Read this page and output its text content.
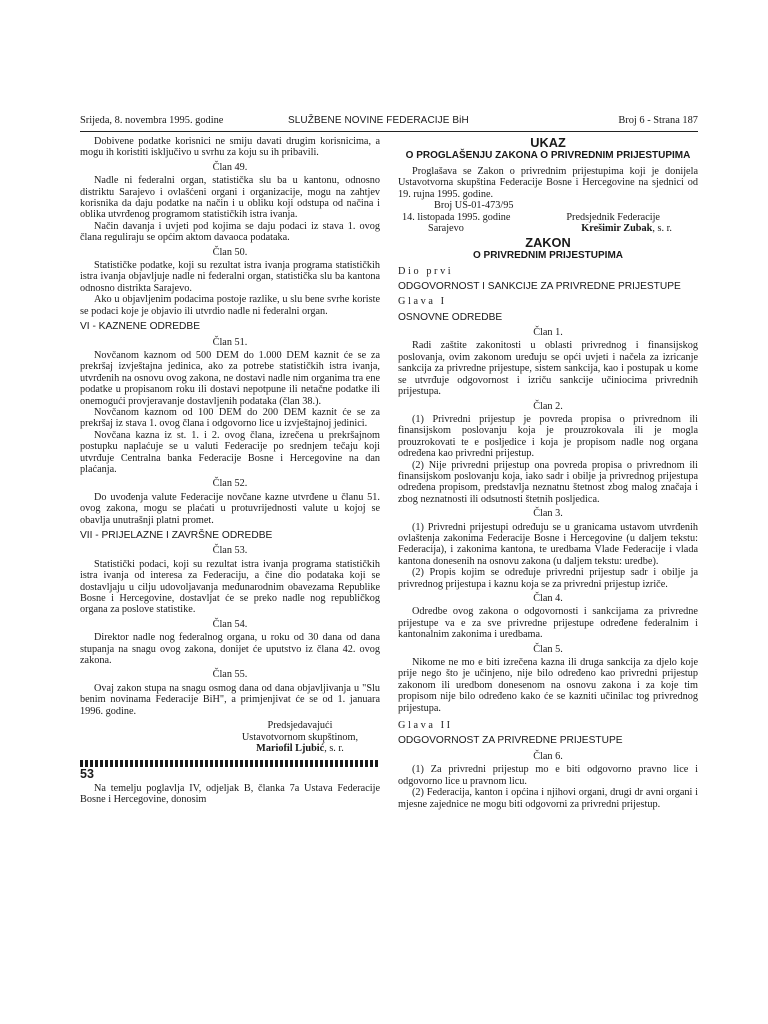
Srijeda, 8. novembra 1995. godine	SLUŽBENE NOVINE FEDERACIJE BiH	Broj 6 - Strana 187

Dobivene podatke korisnici ne smiju davati drugim korisnicima, a mogu ih koristiti isključivo u svrhu za koju su ih pribavili.

Član 49.

Nadle ni federalni organ, statistička slu ba u kantonu, odnosno distriktu Sarajevo i ovlašćeni organi i organizacije, mogu na zahtjev korisnika da daju podatke na način i u obliku koji odstupa od načina i oblika utvrđenog programom statističkih istra ivanja.

Način davanja i uvjeti pod kojima se daju podaci iz stava 1. ovog člana reguliraju se općim aktom davaoca podataka.

Član 50.

Statističke podatke, koji su rezultat istra ivanja programa statističkih istra ivanja objavljuje nadle ni federalni organ, statistička slu ba kantona odnosno distrikta Sarajevo.

Ako u objavljenim podacima postoje razlike, u slu bene svrhe koriste se podaci koje je objavio ili utvrdio nadle ni federalni organ.

VI - KAZNENE ODREDBE

Član 51.

Novčanom kaznom od 500 DEM do 1.000 DEM kaznit će se za prekršaj izvještajna jedinica, ako za potrebe statističkih istra ivanja, utvrđenih na osnovu ovog zakona, ne dostavi nadle nim organima tra ene podatke u propisanom roku ili dostavi nepotpune ili netačne podatke ili onemogući provjeravanje dostavljenih podataka (član 38.).

Novčanom kaznom od 100 DEM do 200 DEM kaznit će se za prekršaj iz stava 1. ovog člana i odgovorno lice u izvještajnoj jedinici.

Novčana kazna iz st. 1. i 2. ovog člana, izrečena u prekršajnom postupku naplaćuje se u valuti Federacije po srednjem tečaju koji utvrđuje Centralna banka Federacije Bosne i Hercegovine na dan plaćanja.

Član 52.

Do uvođenja valute Federacije novčane kazne utvrđene u članu 51. ovog zakona, mogu se plaćati u protuvrijednosti valute u kojoj se obavlja unutrašnji platni promet.

VII - PRIJELAZNE I ZAVRŠNE ODREDBE

Član 53.

Statistički podaci, koji su rezultat istra ivanja programa statističkih istra ivanja od interesa za Federaciju, a čine dio podataka koji se dostavljaju u cilju udovoljavanja međunarodnim obavezama Republike Bosne i Hercegovine, dostavljat će se preko nadle nog republičkog organa za poslove statistike.

Član 54.

Direktor nadle nog federalnog organa, u roku od 30 dana od dana stupanja na snagu ovog zakona, donijet će uputstvo iz člana 42. ovog zakona.

Član 55.

Ovaj zakon stupa na snagu osmog dana od dana objavljivanja u "Slu benim novinama Federacije BiH", a primjenjivat će se od 1. januara 1996. godine.

Predsjedavajući

Ustavotvornom skupštinom,

Mariofil Ljubić, s. r.

53

Na temelju poglavlja IV, odjeljak B, članka 7a Ustava Federacije Bosne i Hercegovine, donosim

UKAZ

O PROGLAŠENJU ZAKONA O PRIVREDNIM PRIJESTUPIMA

Proglašava se Zakon o privrednim prijestupima koji je donijela Ustavotvorna skupština Federacije Bosne i Hercegovine na sjednici od 19. rujna 1995. godine.

Broj US-01-473/95

14. listopada 1995. godine	Predsjednik Federacije
Sarajevo	Krešimir Zubak, s. r.

ZAKON

O PRIVREDNIM PRIJESTUPIMA

Dio prvi

ODGOVORNOST I SANKCIJE ZA PRIVREDNE PRIJESTUPE

Glava I

OSNOVNE ODREDBE

Član 1.

Radi zaštite zakonitosti u oblasti privrednog i finansijskog poslovanja, ovim zakonom uređuju se opći uvjeti i načela za izricanje sankcija za privredne prijestupe, sistem sankcija, kao i postupak u kome se utvrđuje odgovornost i izriču sankcije učiniocima privrednih prijestupa.

Član 2.

(1) Privredni prijestup je povreda propisa o privrednom ili finansijskom poslovanju koja je prouzrokovala ili je mogla prouzrokovati te e posljedice i koja je propisom nadle nog organa određena kao privredni prijestup.

(2) Nije privredni prijestup ona povreda propisa o privrednom ili finansijskom poslovanju koja, iako sadr i obilje ja privrednog prijestupa određena propisom, predstavlja neznatnu štetnost zbog malog značaja i zbog neznatnosti ili odsutnosti štetnih posljedica.

Član 3.

(1) Privredni prijestupi određuju se u granicama ustavom utvrđenih ovlaštenja zakonima Federacije Bosne i Hercegovine (u daljem tekstu: Federacija), i zakonima kantona, te uredbama Vlade Federacije i vlada kantona donesenih na osnovu zakona (u daljem tekstu: uredbe).

(2) Propis kojim se određuje privredni prijestup sadr i obilje ja privrednog prijestupa i kaznu koja se za privredni prijestup izriče.

Član 4.

Odredbe ovog zakona o odgovornosti i sankcijama za privredne prijestupe va e za sve privredne prijestupe određene federalnim i kantonalnim zakonima i uredbama.

Član 5.

Nikome ne mo e biti izrečena kazna ili druga sankcija za djelo koje prije nego što je učinjeno, nije bilo određeno kao privredni prijestup zakonom ili uredbom donesenom na osnovu zakona i za koje tim propisom nije bilo određeno kako će se kazniti učinilac tog privrednog prijestupa.

Glava II

ODGOVORNOST ZA PRIVREDNE PRIJESTUPE

Član 6.

(1) Za privredni prijestup mo e biti odgovorno pravno lice i odgovorno lice u pravnom licu.

(2) Federacija, kanton i općina i njihovi organi, drugi dr avni organi i mjesne zajednice ne mogu biti odgovorni za privredni prijestup.
